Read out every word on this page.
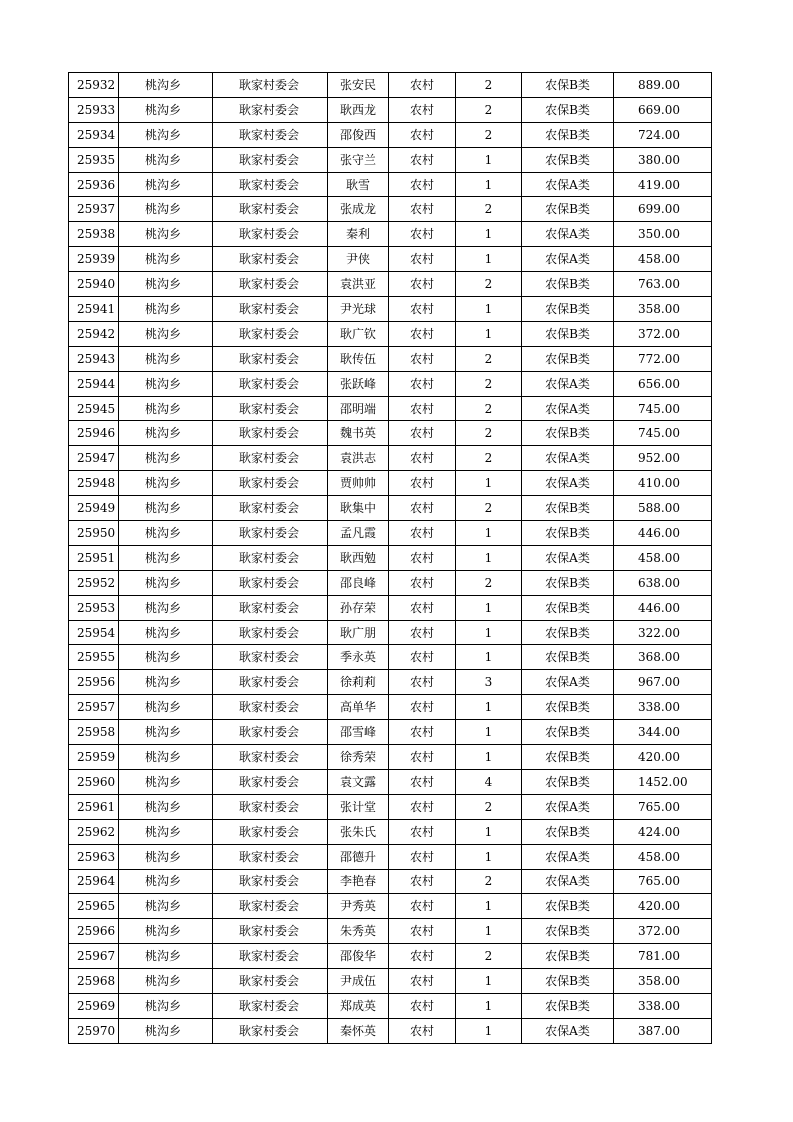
25932	桃沟乡	耿家村委会	张安民	农村	2	农保B类	889.00
25933	桃沟乡	耿家村委会	耿西龙	农村	2	农保B类	669.00
25934	桃沟乡	耿家村委会	邵俊西	农村	2	农保B类	724.00
25935	桃沟乡	耿家村委会	张守兰	农村	1	农保B类	380.00
25936	桃沟乡	耿家村委会	耿雪	农村	1	农保A类	419.00
25937	桃沟乡	耿家村委会	张成龙	农村	2	农保B类	699.00
25938	桃沟乡	耿家村委会	秦利	农村	1	农保A类	350.00
25939	桃沟乡	耿家村委会	尹侠	农村	1	农保A类	458.00
25940	桃沟乡	耿家村委会	袁洪亚	农村	2	农保B类	763.00
25941	桃沟乡	耿家村委会	尹光球	农村	1	农保B类	358.00
25942	桃沟乡	耿家村委会	耿广钦	农村	1	农保B类	372.00
25943	桃沟乡	耿家村委会	耿传伍	农村	2	农保B类	772.00
25944	桃沟乡	耿家村委会	张跃峰	农村	2	农保A类	656.00
25945	桃沟乡	耿家村委会	邵明端	农村	2	农保A类	745.00
25946	桃沟乡	耿家村委会	魏书英	农村	2	农保B类	745.00
25947	桃沟乡	耿家村委会	袁洪志	农村	2	农保A类	952.00
25948	桃沟乡	耿家村委会	贾帅帅	农村	1	农保A类	410.00
25949	桃沟乡	耿家村委会	耿集中	农村	2	农保B类	588.00
25950	桃沟乡	耿家村委会	孟凡霞	农村	1	农保B类	446.00
25951	桃沟乡	耿家村委会	耿西勉	农村	1	农保A类	458.00
25952	桃沟乡	耿家村委会	邵良峰	农村	2	农保B类	638.00
25953	桃沟乡	耿家村委会	孙存荣	农村	1	农保B类	446.00
25954	桃沟乡	耿家村委会	耿广朋	农村	1	农保B类	322.00
25955	桃沟乡	耿家村委会	季永英	农村	1	农保B类	368.00
25956	桃沟乡	耿家村委会	徐莉莉	农村	3	农保A类	967.00
25957	桃沟乡	耿家村委会	高单华	农村	1	农保B类	338.00
25958	桃沟乡	耿家村委会	邵雪峰	农村	1	农保B类	344.00
25959	桃沟乡	耿家村委会	徐秀荣	农村	1	农保B类	420.00
25960	桃沟乡	耿家村委会	袁文露	农村	4	农保B类	1452.00
25961	桃沟乡	耿家村委会	张计堂	农村	2	农保A类	765.00
25962	桃沟乡	耿家村委会	张朱氏	农村	1	农保B类	424.00
25963	桃沟乡	耿家村委会	邵德升	农村	1	农保A类	458.00
25964	桃沟乡	耿家村委会	李艳春	农村	2	农保A类	765.00
25965	桃沟乡	耿家村委会	尹秀英	农村	1	农保B类	420.00
25966	桃沟乡	耿家村委会	朱秀英	农村	1	农保B类	372.00
25967	桃沟乡	耿家村委会	邵俊华	农村	2	农保B类	781.00
25968	桃沟乡	耿家村委会	尹成伍	农村	1	农保B类	358.00
25969	桃沟乡	耿家村委会	郑成英	农村	1	农保B类	338.00
25970	桃沟乡	耿家村委会	秦怀英	农村	1	农保A类	387.00
